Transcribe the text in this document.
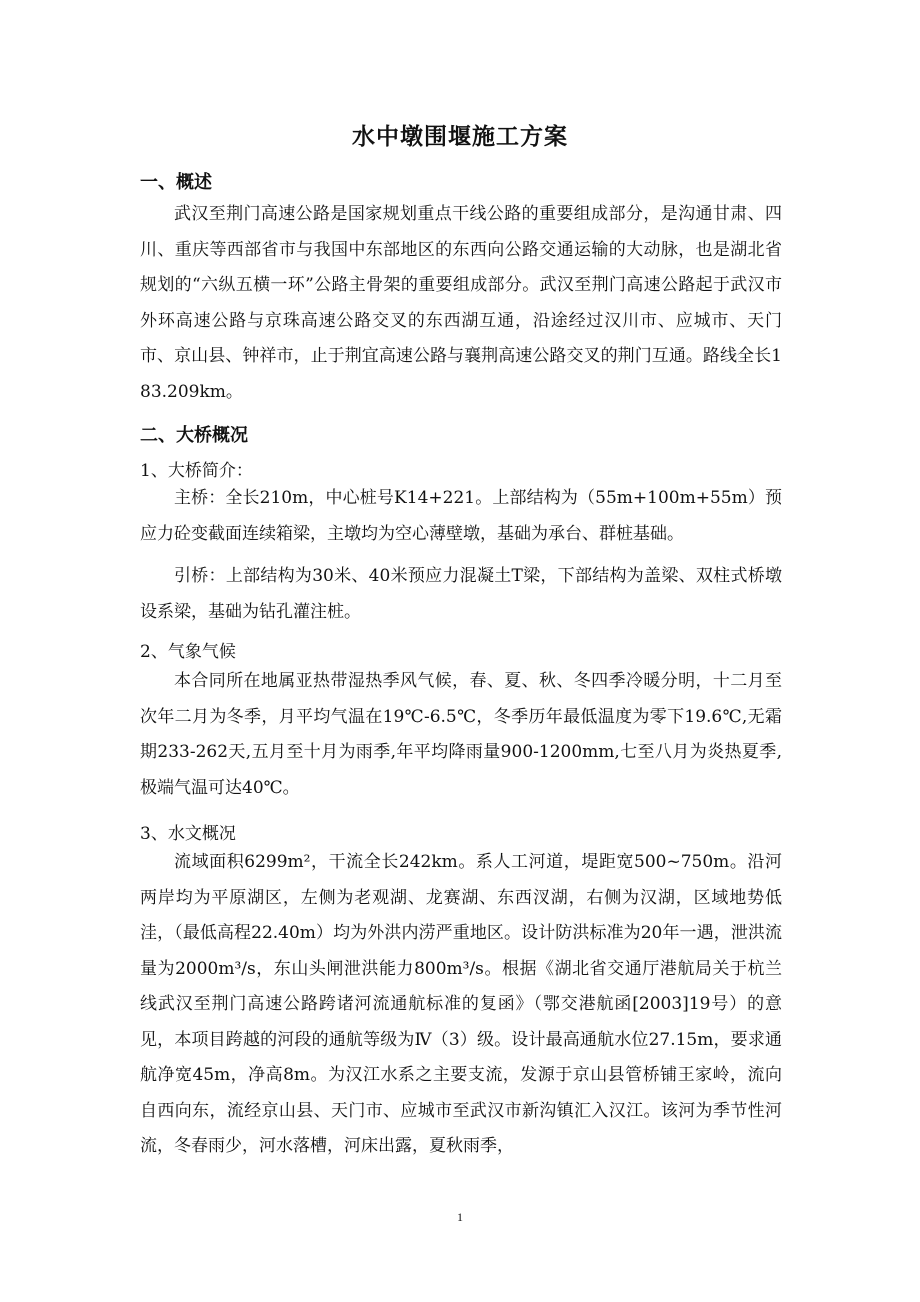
水中墩围堰施工方案
一、概述

武汉至荆门高速公路是国家规划重点干线公路的重要组成部分，是沟通甘肃、四川、重庆等西部省市与我国中东部地区的东西向公路交通运输的大动脉，也是湖北省规划的“六纵五横一环”公路主骨架的重要组成部分。武汉至荆门高速公路起于武汉市外环高速公路与京珠高速公路交叉的东西湖互通，沿途经过汉川市、应城市、天门市、京山县、钟祥市，止于荆宜高速公路与襄荆高速公路交叉的荆门互通。路线全长183.209km。

二、大桥概况
1、大桥简介：

主桥：全长210m，中心桩号K14+221。上部结构为（55m+100m+55m）预应力砼变截面连续箱梁，主墩均为空心薄壁墩，基础为承台、群桩基础。

引桥：上部结构为30米、40米预应力混凝土T梁，下部结构为盖梁、双柱式桥墩设系梁，基础为钻孔灌注桩。

2、气象气候

本合同所在地属亚热带湿热季风气候，春、夏、秋、冬四季冷暖分明，十二月至次年二月为冬季，月平均气温在19℃-6.5℃，冬季历年最低温度为零下19.6℃,无霜期233-262天,五月至十月为雨季,年平均降雨量900-1200mm,七至八月为炎热夏季,极端气温可达40℃。

3、水文概况

流域面积6299m²，干流全长242km。系人工河道，堤距宽500~750m。沿河两岸均为平原湖区，左侧为老观湖、龙赛湖、东西汊湖，右侧为汉湖，区域地势低洼，（最低高程22.40m）均为外洪内涝严重地区。设计防洪标准为20年一遇，泄洪流量为2000m³/s，东山头闸泄洪能力800m³/s。根据《湖北省交通厅港航局关于杭兰线武汉至荆门高速公路跨诸河流通航标准的复函》（鄂交港航函[2003]19号）的意见，本项目跨越的河段的通航等级为Ⅳ（3）级。设计最高通航水位27.15m，要求通航净宽45m，净高8m。为汉江水系之主要支流，发源于京山县管桥铺王家岭，流向自西向东，流经京山县、天门市、应城市至武汉市新沟镇汇入汉江。该河为季节性河流，冬春雨少，河水落槽，河床出露，夏秋雨季，

1
